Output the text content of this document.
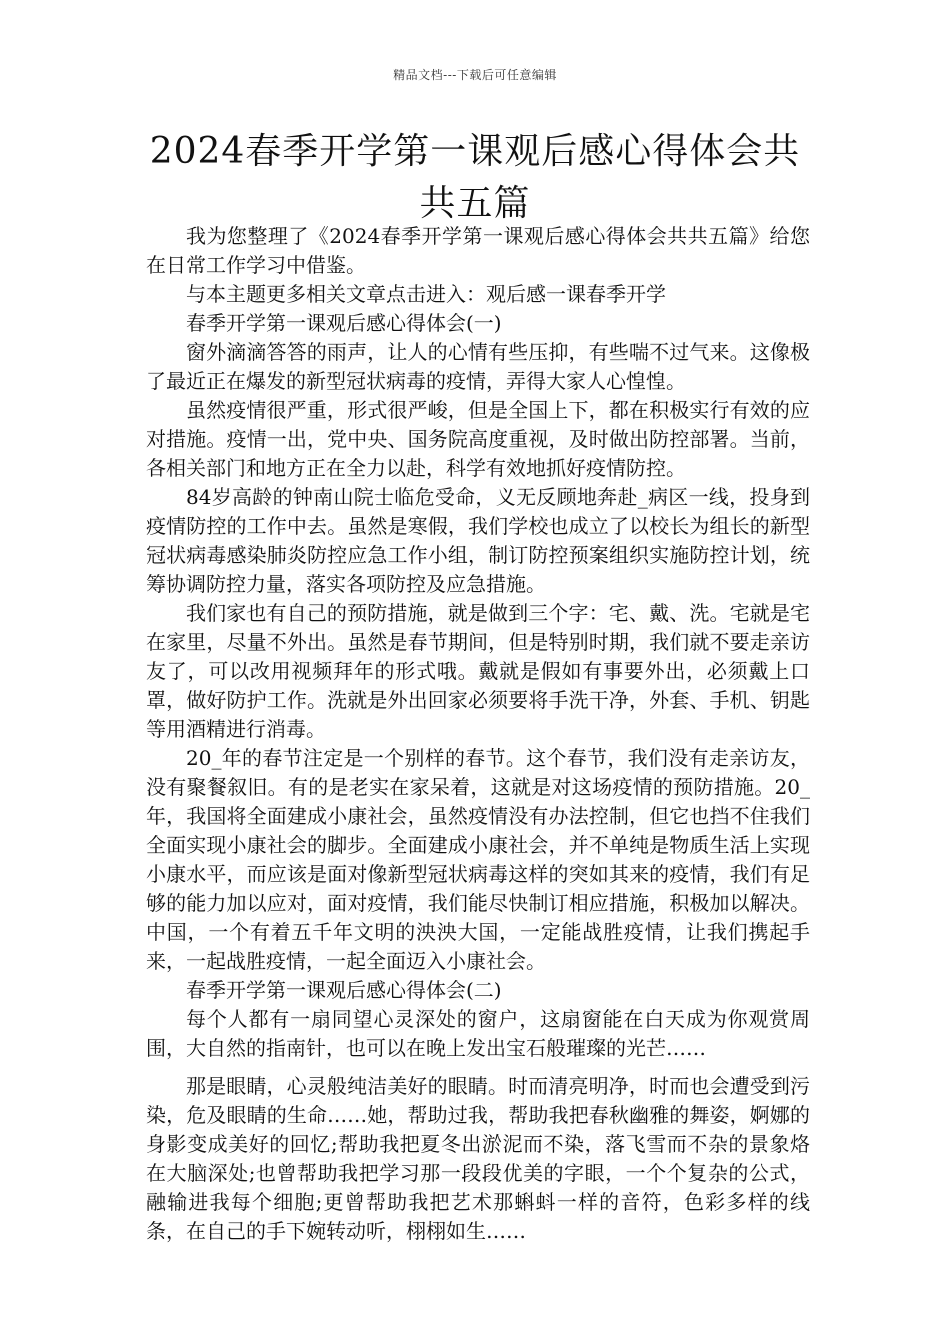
精品文档---下载后可任意编辑
2024春季开学第一课观后感心得体会共共五篇

我为您整理了《2024春季开学第一课观后感心得体会共共五篇》给您在日常工作学习中借鉴。

与本主题更多相关文章点击进入：观后感一课春季开学

春季开学第一课观后感心得体会(一)

窗外滴滴答答的雨声，让人的心情有些压抑，有些喘不过气来。这像极了最近正在爆发的新型冠状病毒的疫情，弄得大家人心惶惶。

虽然疫情很严重，形式很严峻，但是全国上下，都在积极实行有效的应对措施。疫情一出，党中央、国务院高度重视，及时做出防控部署。当前，各相关部门和地方正在全力以赴，科学有效地抓好疫情防控。

84岁高龄的钟南山院士临危受命，义无反顾地奔赴_病区一线，投身到疫情防控的工作中去。虽然是寒假，我们学校也成立了以校长为组长的新型冠状病毒感染肺炎防控应急工作小组，制订防控预案组织实施防控计划，统筹协调防控力量，落实各项防控及应急措施。

我们家也有自己的预防措施，就是做到三个字：宅、戴、洗。宅就是宅在家里，尽量不外出。虽然是春节期间，但是特别时期，我们就不要走亲访友了，可以改用视频拜年的形式哦。戴就是假如有事要外出，必须戴上口罩，做好防护工作。洗就是外出回家必须要将手洗干净，外套、手机、钥匙等用酒精进行消毒。

20_年的春节注定是一个别样的春节。这个春节，我们没有走亲访友，没有聚餐叙旧。有的是老实在家呆着，这就是对这场疫情的预防措施。20_年，我国将全面建成小康社会，虽然疫情没有办法控制，但它也挡不住我们全面实现小康社会的脚步。全面建成小康社会，并不单纯是物质生活上实现小康水平，而应该是面对像新型冠状病毒这样的突如其来的疫情，我们有足够的能力加以应对，面对疫情，我们能尽快制订相应措施，积极加以解决。中国，一个有着五千年文明的泱泱大国，一定能战胜疫情，让我们携起手来，一起战胜疫情，一起全面迈入小康社会。

春季开学第一课观后感心得体会(二)

每个人都有一扇同望心灵深处的窗户，这扇窗能在白天成为你观赏周围，大自然的指南针，也可以在晚上发出宝石般璀璨的光芒……

那是眼睛，心灵般纯洁美好的眼睛。时而清亮明净，时而也会遭受到污染，危及眼睛的生命……她，帮助过我，帮助我把春秋幽雅的舞姿，婀娜的身影变成美好的回忆;帮助我把夏冬出淤泥而不染，落飞雪而不杂的景象烙在大脑深处;也曾帮助我把学习那一段段优美的字眼，一个个复杂的公式，融输进我每个细胞;更曾帮助我把艺术那蝌蚪一样的音符，色彩多样的线条，在自己的手下婉转动听，栩栩如生……
